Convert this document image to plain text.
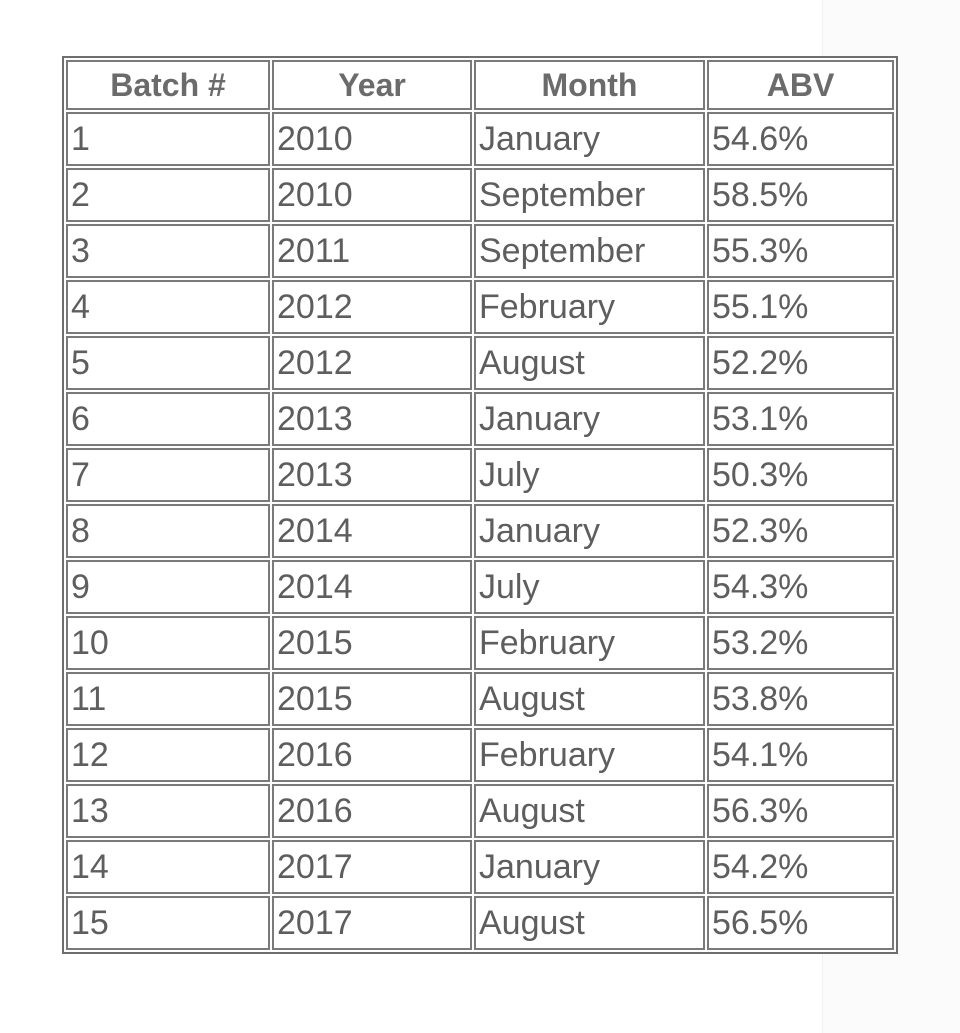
Batch #	Year	Month	ABV
1	2010	January	54.6%
2	2010	September	58.5%
3	2011	September	55.3%
4	2012	February	55.1%
5	2012	August	52.2%
6	2013	January	53.1%
7	2013	July	50.3%
8	2014	January	52.3%
9	2014	July	54.3%
10	2015	February	53.2%
11	2015	August	53.8%
12	2016	February	54.1%
13	2016	August	56.3%
14	2017	January	54.2%
15	2017	August	56.5%
